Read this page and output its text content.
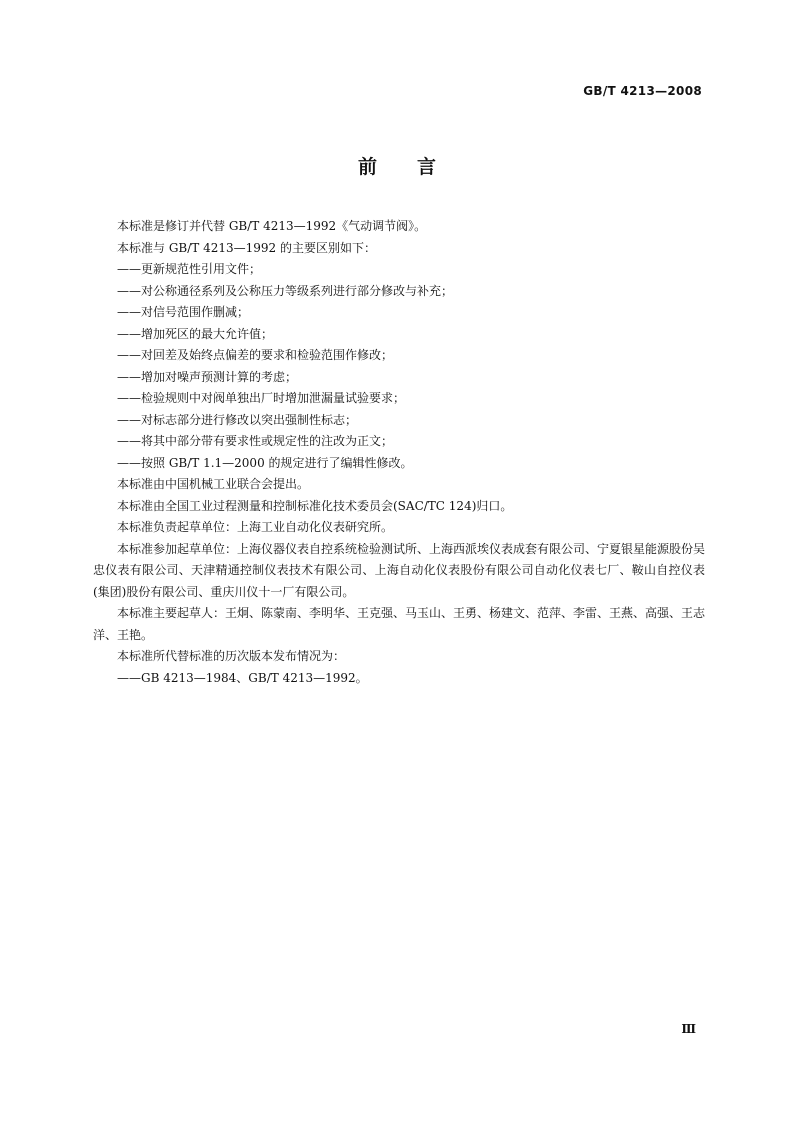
GB/T 4213—2008
前言

本标准是修订并代替 GB/T 4213—1992《气动调节阀》。

本标准与 GB/T 4213—1992 的主要区别如下：

——更新规范性引用文件；

——对公称通径系列及公称压力等级系列进行部分修改与补充；

——对信号范围作删减；

——增加死区的最大允许值；

——对回差及始终点偏差的要求和检验范围作修改；

——增加对噪声预测计算的考虑；

——检验规则中对阀单独出厂时增加泄漏量试验要求；

——对标志部分进行修改以突出强制性标志；

——将其中部分带有要求性或规定性的注改为正文；

——按照 GB/T 1.1—2000 的规定进行了编辑性修改。

本标准由中国机械工业联合会提出。

本标准由全国工业过程测量和控制标准化技术委员会(SAC/TC 124)归口。

本标准负责起草单位：上海工业自动化仪表研究所。

本标准参加起草单位：上海仪器仪表自控系统检验测试所、上海西派埃仪表成套有限公司、宁夏银星能源股份吴忠仪表有限公司、天津精通控制仪表技术有限公司、上海自动化仪表股份有限公司自动化仪表七厂、鞍山自控仪表(集团)股份有限公司、重庆川仪十一厂有限公司。

本标准主要起草人：王炯、陈蒙南、李明华、王克强、马玉山、王勇、杨建文、范萍、李雷、王燕、高强、王志洋、王艳。

本标准所代替标准的历次版本发布情况为：

——GB 4213—1984、GB/T 4213—1992。

Ⅲ
